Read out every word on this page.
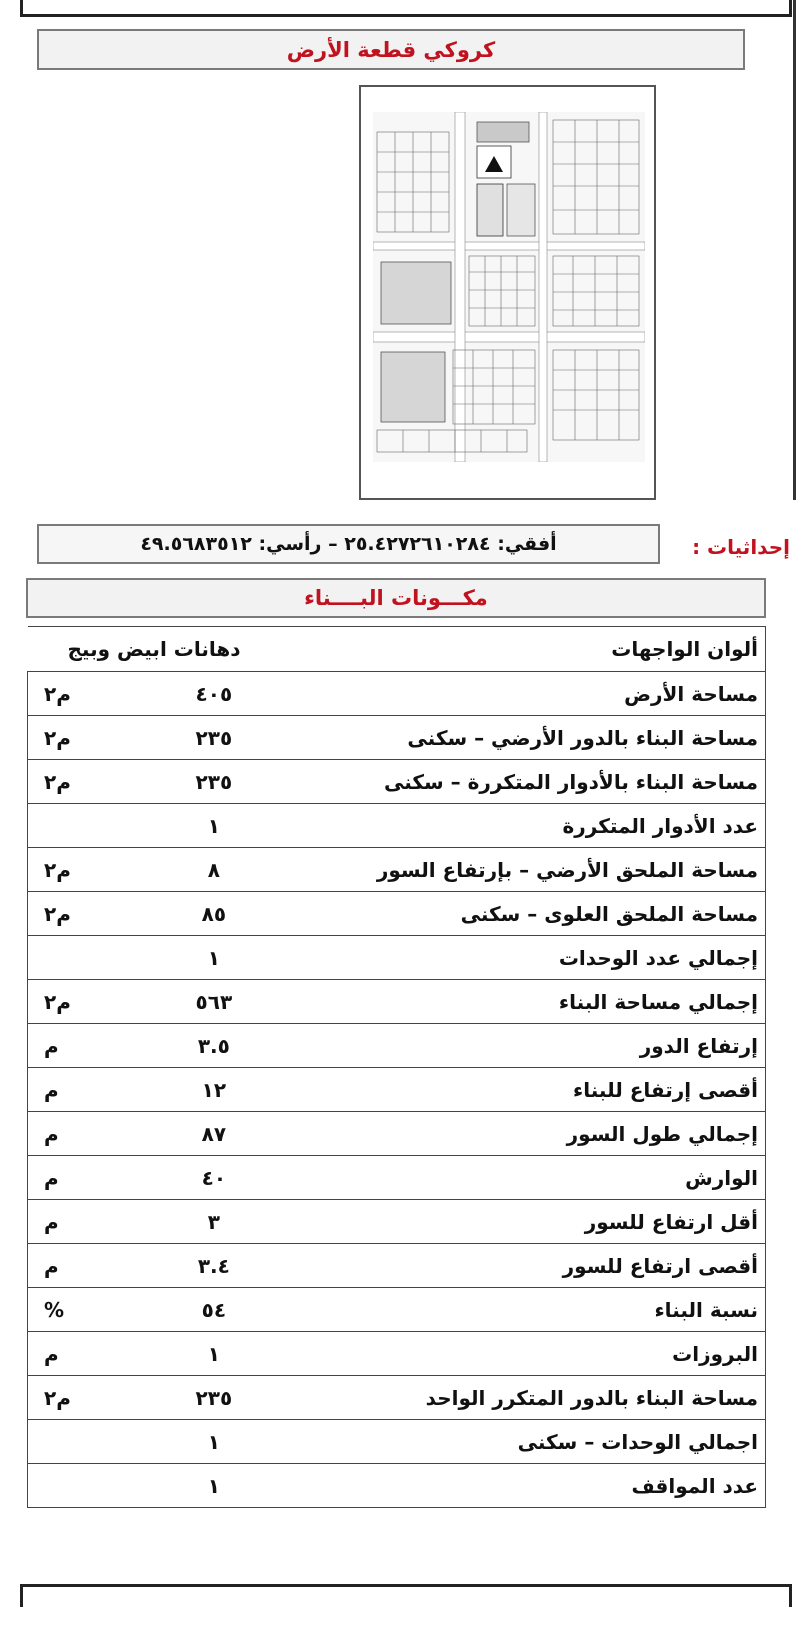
كروكي قطعة الأرض
إحداثيات :
أفقي: ٢٥.٤٢٧٢٦١٠٢٨٤ – رأسي: ٤٩.٥٦٨٣٥١٢
مكـــونات البــــناء
ألوان الواجهات	دهانات ابيض وبيج	
مساحة الأرض	٤٠٥	م٢
مساحة البناء بالدور الأرضي – سكنى	٢٣٥	م٢
مساحة البناء بالأدوار المتكررة – سكنى	٢٣٥	م٢
عدد الأدوار المتكررة	١	
مساحة الملحق الأرضي – بإرتفاع السور	٨	م٢
مساحة الملحق العلوى – سكنى	٨٥	م٢
إجمالي عدد الوحدات	١	
إجمالي مساحة البناء	٥٦٣	م٢
إرتفاع الدور	٣.٥	م
أقصى إرتفاع للبناء	١٢	م
إجمالي طول السور	٨٧	م
الوارش	٤٠	م
أقل ارتفاع للسور	٣	م
أقصى ارتفاع للسور	٣.٤	م
نسبة البناء	٥٤	%
البروزات	١	م
مساحة البناء بالدور المتكرر الواحد	٢٣٥	م٢
اجمالي الوحدات – سكنى	١	
عدد المواقف	١	
